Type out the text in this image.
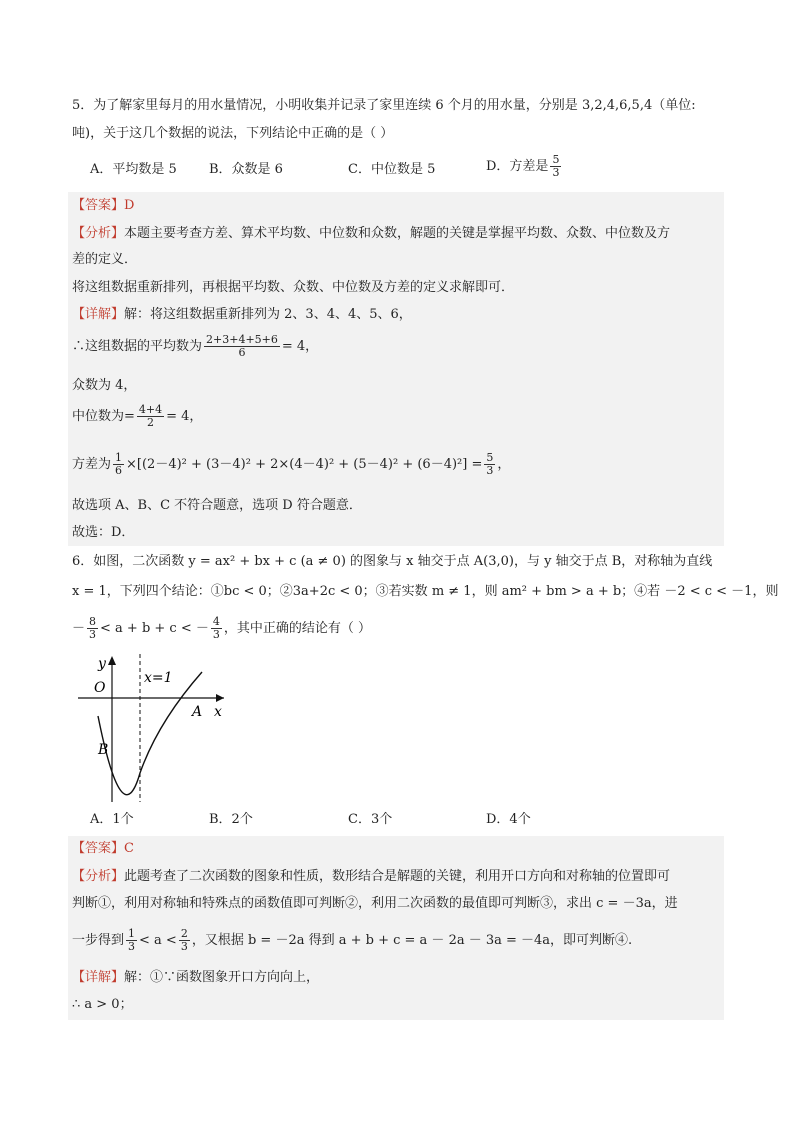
5．为了解家里每月的用水量情况，小明收集并记录了家里连续 6 个月的用水量，分别是 3,2,4,6,5,4（单位:
吨)，关于这几个数据的说法，下列结论中正确的是（ ）
A．平均数是 5 B．众数是 6	C．中位数是 5	D．方差是 $\frac{5}{3}$
【答案】D
【分析】本题主要考查方差、算术平均数、中位数和众数，解题的关键是掌握平均数、众数、中位数及方
差的定义．
将这组数据重新排列，再根据平均数、众数、中位数及方差的定义求解即可．
【详解】解：将这组数据重新排列为 2、3、4、4、5、6，
∴这组数据的平均数为 $\frac{2+3+4+5+6}{6} = 4$，
众数为 4，
中位数为= $\frac{4+4}{2} = 4$，
方差为 $\frac{1}{6} \times[(2-4)^2 + (3-4)^2 + 2\times(4-4)^2 + (5-4)^2 + (6-4)^2] = \frac{5}{3}$ ，
故选项 A、B、C 不符合题意，选项 D 符合题意．
故选：D．
6．如图，二次函数 y = ax² + bx + c (a ≠ 0) 的图象与 x 轴交于点 A(3,0)，与 y 轴交于点 B，对称轴为直线
x = 1，下列四个结论：①bc < 0；②3a+2c < 0；③若实数 m ≠ 1，则 am² + bm > a + b；④若 －2 < c < －1，则
－ $\frac{8}{3} < a + b + c$ < － $\frac{4}{3}$ ，其中正确的结论有（ ）
y
O
x=1
A x
B
A．1个	B．2个	C．3个	D．4个
【答案】C
【分析】此题考查了二次函数的图象和性质，数形结合是解题的关键，利用开口方向和对称轴的位置即可
判断①，利用对称轴和特殊点的函数值即可判断②，利用二次函数的最值即可判断③，求出 c = －3a，进
一步得到 $\frac{1}{3} < a < \frac{2}{3}$ ，又根据 b = －2a 得到 a + b + c = a － 2a － 3a = －4a，即可判断④.
【详解】解：①∵函数图象开口方向向上，
∴ a > 0；
